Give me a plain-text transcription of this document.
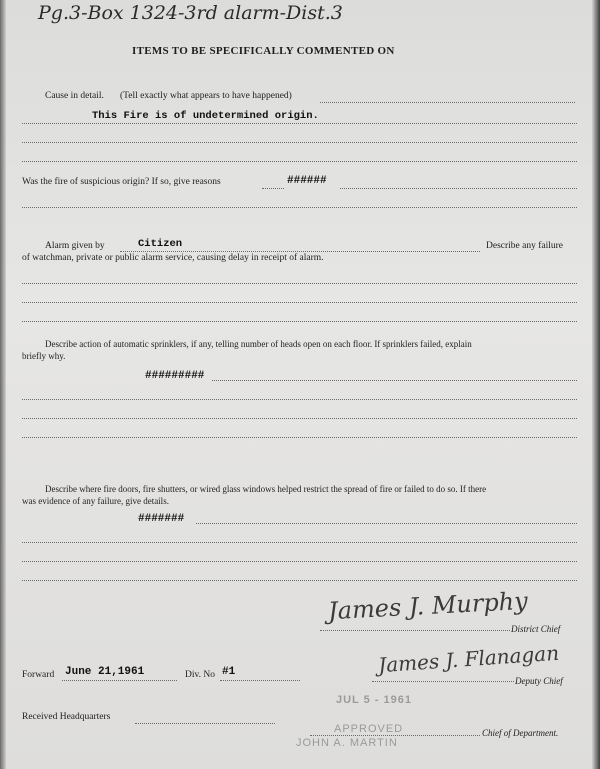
Pg.3-Box 1324-3rd alarm-Dist.3
ITEMS TO BE SPECIFICALLY COMMENTED ON
Cause in detail. (Tell exactly what appears to have happened)
This Fire is of undetermined origin.
Was the fire of suspicious origin? If so, give reasons	######
Alarm given by	Citizen	Describe any failure
of watchman, private or public alarm service, causing delay in receipt of alarm.
Describe action of automatic sprinklers, if any, telling number of heads open on each floor. If sprinklers failed, explain
briefly why.
#########
Describe where fire doors, fire shutters, or wired glass windows helped restrict the spread of fire or failed to do so. If there
was evidence of any failure, give details.
#######
James J. Murphy
District Chief
James J. Flanagan
Deputy Chief
Forward June 21,1961	Div. No #1
Received Headquarters
JUL 5 - 1961
APPROVED
JOHN A. MARTIN
Chief of Department.
